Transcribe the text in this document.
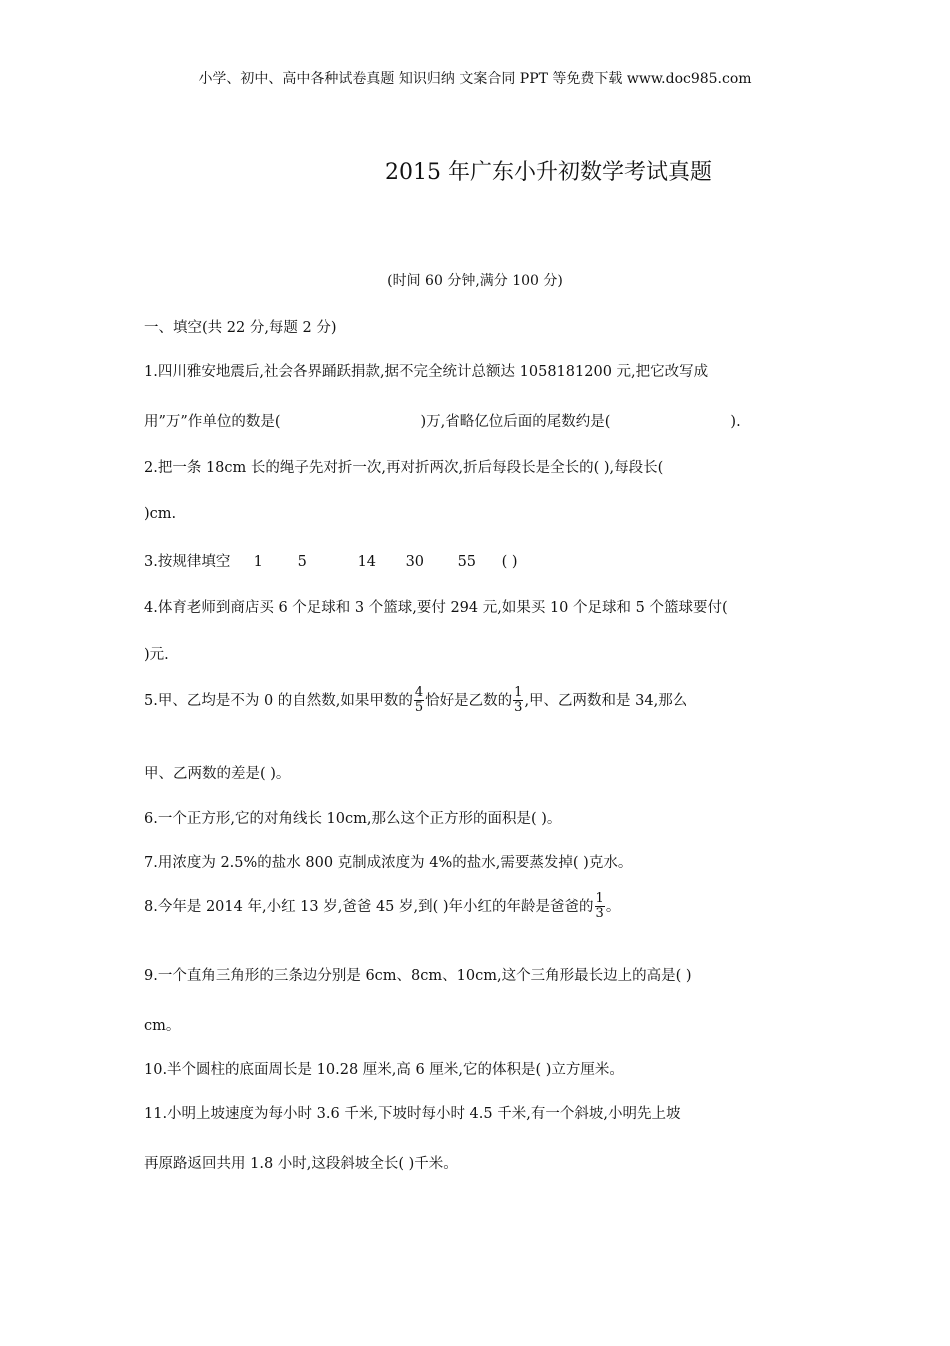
小学、初中、高中各种试卷真题 知识归纳 文案合同 PPT 等免费下载 www.doc985.com
2015 年广东小升初数学考试真题
(时间 60 分钟,满分 100 分)
一、填空(共 22 分,每题 2 分)
1.四川雅安地震后,社会各界踊跃捐款,据不完全统计总额达 1058181200 元,把它改写成
用”万”作单位的数是(	)万,省略亿位后面的尾数约是(	).
2.把一条 18cm 长的绳子先对折一次,再对折两次,折后每段长是全长的( ),每段长(
)cm.
3.按规律填空 1 5	14 30 55 ( )
4.体育老师到商店买 6 个足球和 3 个篮球,要付 294 元,如果买 10 个足球和 5 个篮球要付(
)元.
5.甲、乙均是不为 0 的自然数,如果甲数的 $\frac{4}{5}$ 恰好是乙数的 $\frac{1}{3}$ ,甲、乙两数和是 34,那么
甲、乙两数的差是( )。
6.一个正方形,它的对角线长 10cm,那么这个正方形的面积是( )。
7.用浓度为 2.5%的盐水 800 克制成浓度为 4%的盐水,需要蒸发掉( )克水。
8.今年是 2014 年,小红 13 岁,爸爸 45 岁,到( )年小红的年龄是爸爸的 $\frac{1}{3}$ 。
9.一个直角三角形的三条边分别是 6cm、8cm、10cm,这个三角形最长边上的高是( )
cm。
10.半个圆柱的底面周长是 10.28 厘米,高 6 厘米,它的体积是( )立方厘米。
11.小明上坡速度为每小时 3.6 千米,下坡时每小时 4.5 千米,有一个斜坡,小明先上坡
再原路返回共用 1.8 小时,这段斜坡全长( )千米。
